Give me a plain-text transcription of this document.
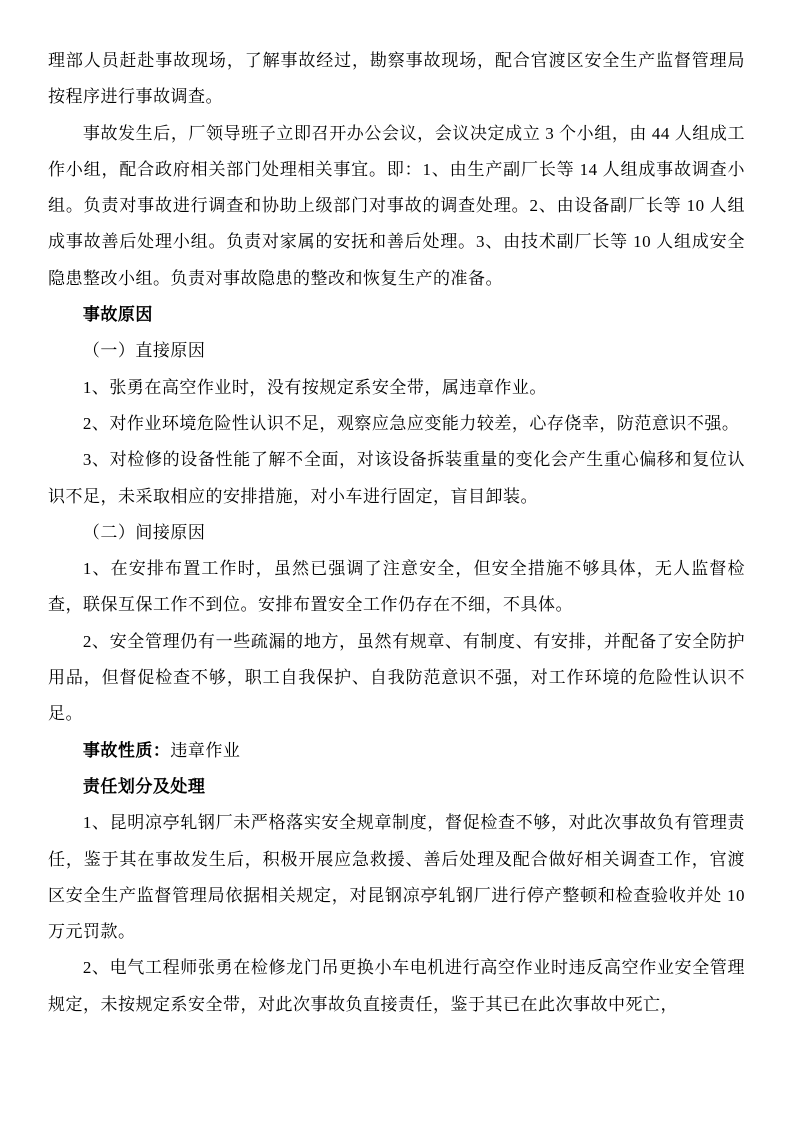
理部人员赶赴事故现场，了解事故经过，勘察事故现场，配合官渡区安全生产监督管理局按程序进行事故调查。

事故发生后，厂领导班子立即召开办公会议，会议决定成立 3 个小组，由 44 人组成工作小组，配合政府相关部门处理相关事宜。即：1、由生产副厂长等 14 人组成事故调查小组。负责对事故进行调查和协助上级部门对事故的调查处理。2、由设备副厂长等 10 人组成事故善后处理小组。负责对家属的安抚和善后处理。3、由技术副厂长等 10 人组成安全隐患整改小组。负责对事故隐患的整改和恢复生产的准备。

事故原因

（一）直接原因

1、张勇在高空作业时，没有按规定系安全带，属违章作业。

2、对作业环境危险性认识不足，观察应急应变能力较差，心存侥幸，防范意识不强。

3、对检修的设备性能了解不全面，对该设备拆装重量的变化会产生重心偏移和复位认识不足，未采取相应的安排措施，对小车进行固定，盲目卸装。

（二）间接原因

1、在安排布置工作时，虽然已强调了注意安全，但安全措施不够具体，无人监督检查，联保互保工作不到位。安排布置安全工作仍存在不细，不具体。

2、安全管理仍有一些疏漏的地方，虽然有规章、有制度、有安排，并配备了安全防护用品，但督促检查不够，职工自我保护、自我防范意识不强，对工作环境的危险性认识不足。

事故性质：违章作业

责任划分及处理

1、昆明凉亭轧钢厂未严格落实安全规章制度，督促检查不够，对此次事故负有管理责任，鉴于其在事故发生后，积极开展应急救援、善后处理及配合做好相关调查工作，官渡区安全生产监督管理局依据相关规定，对昆钢凉亭轧钢厂进行停产整顿和检查验收并处 10 万元罚款。

2、电气工程师张勇在检修龙门吊更换小车电机进行高空作业时违反高空作业安全管理规定，未按规定系安全带，对此次事故负直接责任，鉴于其已在此次事故中死亡，
